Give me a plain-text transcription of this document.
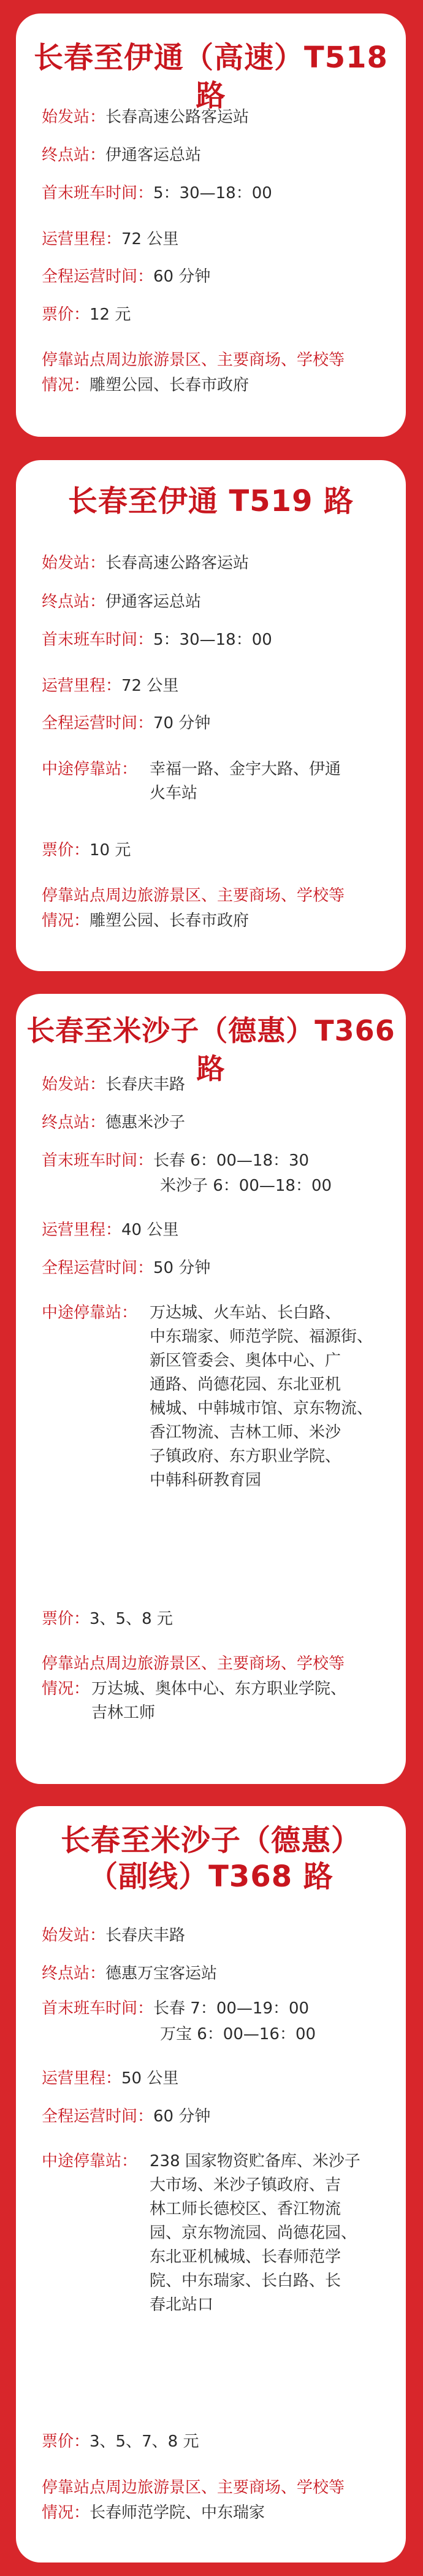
长春至伊通（高速）T518 路
始发站：长春高速公路客运站
终点站：伊通客运总站
首末班车时间：5：30—18：00
运营里程：72 公里
全程运营时间：60 分钟
票价：12 元
停靠站点周边旅游景区、主要商场、学校等
情况：雕塑公园、长春市政府
长春至伊通 T519 路
始发站：长春高速公路客运站
终点站：伊通客运总站
首末班车时间：5：30—18：00
运营里程：72 公里
全程运营时间：70 分钟
中途停靠站： 幸福一路、金宇大路、伊通
火车站
票价：10 元
停靠站点周边旅游景区、主要商场、学校等
情况：雕塑公园、长春市政府
长春至米沙子（德惠）T366 路
始发站：长春庆丰路
终点站：德惠米沙子
首末班车时间：长春 6：00—18：30
米沙子 6：00—18：00
运营里程：40 公里
全程运营时间：50 分钟
中途停靠站： 万达城、火车站、长白路、
中东瑞家、师范学院、福源街、
新区管委会、奥体中心、广
通路、尚德花园、东北亚机
械城、中韩城市馆、京东物流、
香江物流、吉林工师、米沙
子镇政府、东方职业学院、
中韩科研教育园
票价：3、5、8 元
停靠站点周边旅游景区、主要商场、学校等
情况： 万达城、奥体中心、东方职业学院、
吉林工师
长春至米沙子（德惠）
（副线）T368 路
始发站：长春庆丰路
终点站：德惠万宝客运站
首末班车时间：长春 7：00—19：00
万宝 6：00—16：00
运营里程：50 公里
全程运营时间：60 分钟
中途停靠站： 238 国家物资贮备库、米沙子
大市场、米沙子镇政府、吉
林工师长德校区、香江物流
园、京东物流园、尚德花园、
东北亚机械城、长春师范学
院、中东瑞家、长白路、长
春北站口
票价：3、5、7、8 元
停靠站点周边旅游景区、主要商场、学校等
情况：长春师范学院、中东瑞家
